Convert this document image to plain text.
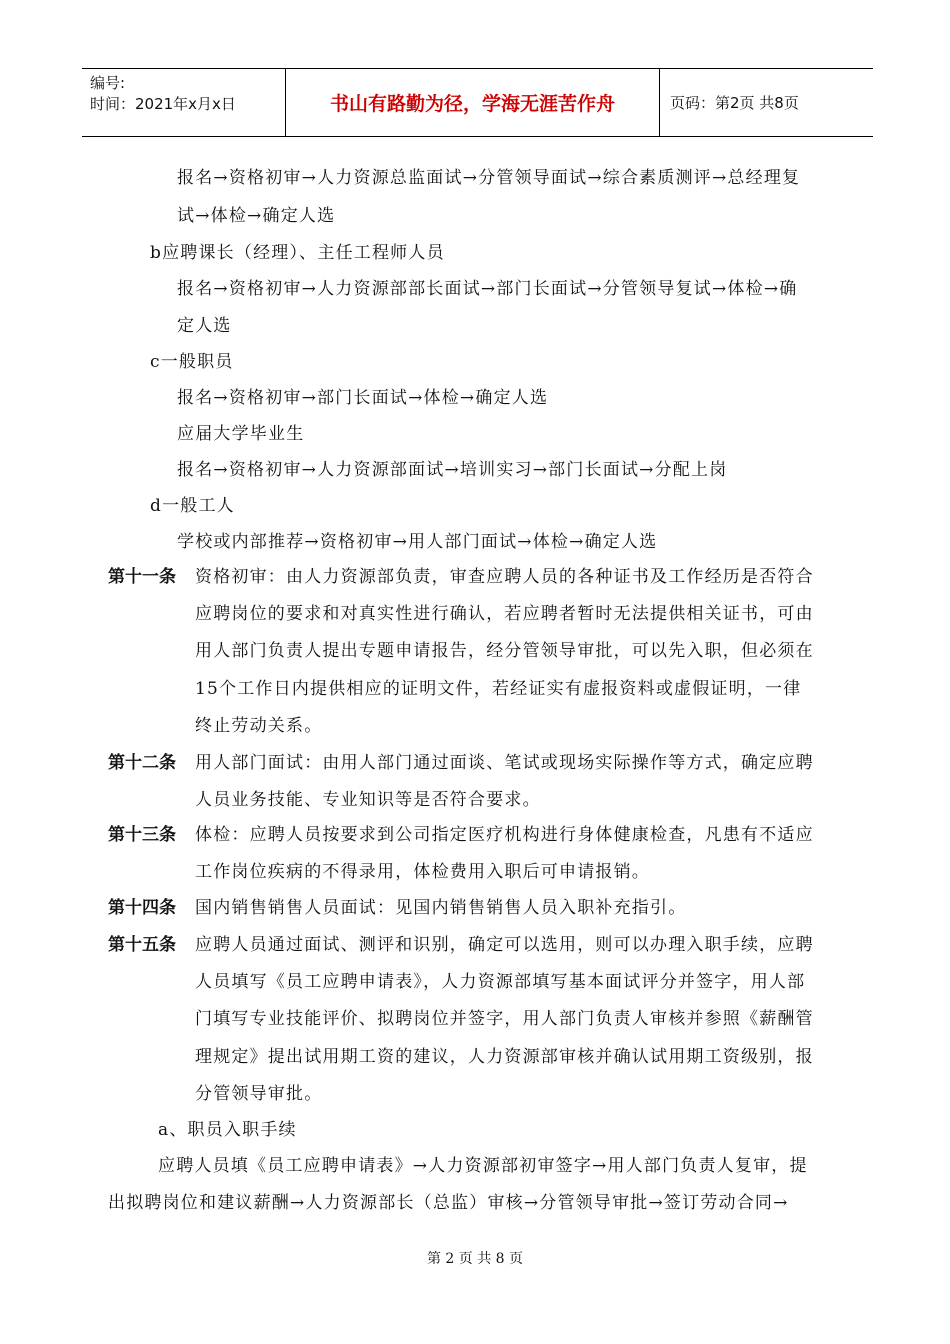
编号:
时间：2021年x月x日	书山有路勤为径，学海无涯苦作舟	页码：第2页 共8页
报名→资格初审→人力资源总监面试→分管领导面试→综合素质测评→总经理复
试→体检→确定人选
b应聘课长（经理）、主任工程师人员
报名→资格初审→人力资源部部长面试→部门长面试→分管领导复试→体检→确
定人选
c一般职员
报名→资格初审→部门长面试→体检→确定人选
应届大学毕业生
报名→资格初审→人力资源部面试→培训实习→部门长面试→分配上岗
d一般工人
学校或内部推荐→资格初审→用人部门面试→体检→确定人选
第十一条 资格初审：由人力资源部负责，审查应聘人员的各种证书及工作经历是否符合
应聘岗位的要求和对真实性进行确认，若应聘者暂时无法提供相关证书，可由
用人部门负责人提出专题申请报告，经分管领导审批，可以先入职，但必须在
15个工作日内提供相应的证明文件，若经证实有虚报资料或虚假证明，一律
终止劳动关系。
第十二条 用人部门面试：由用人部门通过面谈、笔试或现场实际操作等方式，确定应聘
人员业务技能、专业知识等是否符合要求。
第十三条 体检：应聘人员按要求到公司指定医疗机构进行身体健康检查，凡患有不适应
工作岗位疾病的不得录用，体检费用入职后可申请报销。
第十四条 国内销售销售人员面试：见国内销售销售人员入职补充指引。
第十五条 应聘人员通过面试、测评和识别，确定可以选用，则可以办理入职手续，应聘
人员填写《员工应聘申请表》，人力资源部填写基本面试评分并签字，用人部
门填写专业技能评价、拟聘岗位并签字，用人部门负责人审核并参照《薪酬管
理规定》提出试用期工资的建议，人力资源部审核并确认试用期工资级别，报
分管领导审批。
a、职员入职手续
应聘人员填《员工应聘申请表》→人力资源部初审签字→用人部门负责人复审，提
出拟聘岗位和建议薪酬→人力资源部长（总监）审核→分管领导审批→签订劳动合同→
第 2 页 共 8 页
